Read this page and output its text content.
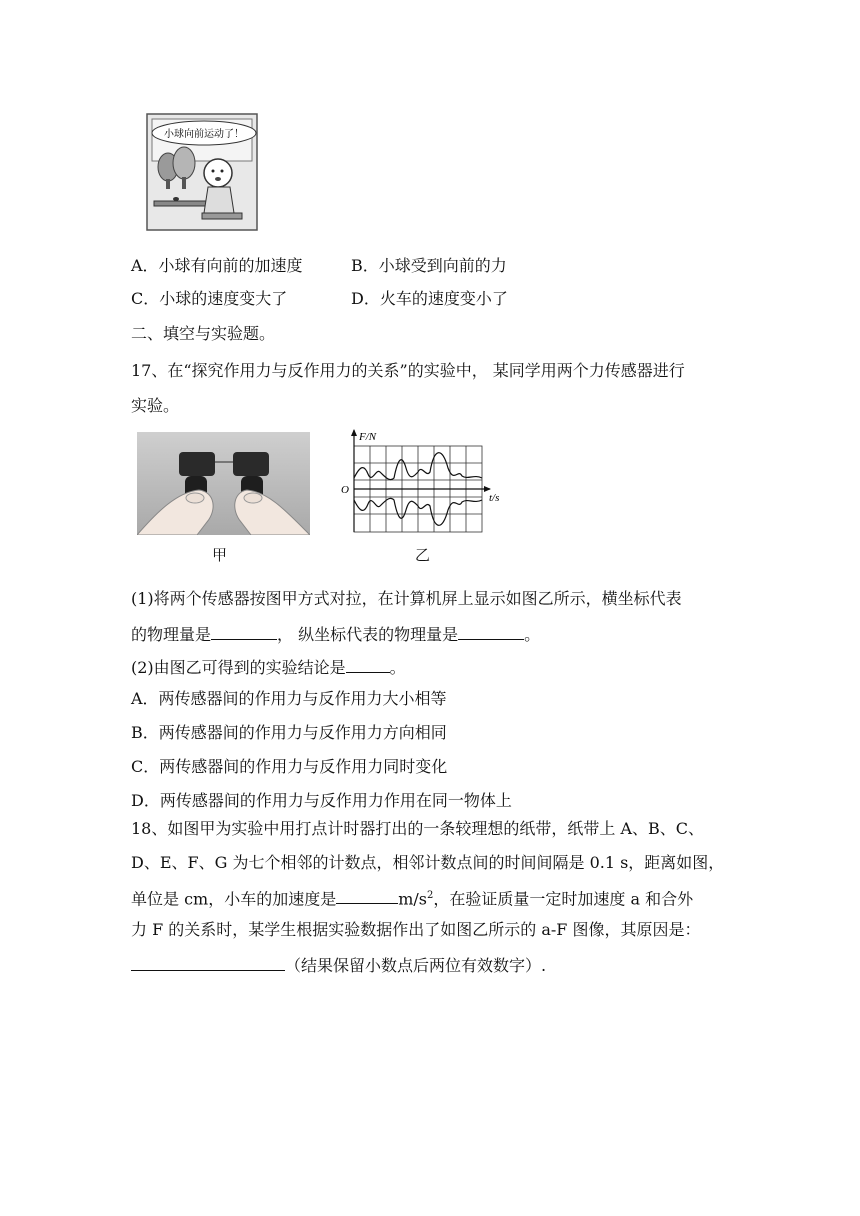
小球向前运动了！
A．小球有向前的加速度	B．小球受到向前的力
C．小球的速度变大了	D．火车的速度变小了
二、填空与实验题。
17、在“探究作用力与反作用力的关系”的实验中， 某同学用两个力传感器进行
实验。
甲
F/N
O
t/s
乙
(1)将两个传感器按图甲方式对拉，在计算机屏上显示如图乙所示，横坐标代表
的物理量是	， 纵坐标代表的物理量是	。
(2)由图乙可得到的实验结论是	。
A．两传感器间的作用力与反作用力大小相等
B．两传感器间的作用力与反作用力方向相同
C．两传感器间的作用力与反作用力同时变化
D．两传感器间的作用力与反作用力作用在同一物体上
18、如图甲为实验中用打点计时器打出的一条较理想的纸带，纸带上 A、B、C、
D、E、F、G 为七个相邻的计数点，相邻计数点间的时间间隔是 0.1 s，距离如图，
单位是 cm，小车的加速度是	$m/s^2$，在验证质量一定时加速度 a 和合外
力 F 的关系时，某学生根据实验数据作出了如图乙所示的 a-F 图像，其原因是：
（结果保留小数点后两位有效数字）.
